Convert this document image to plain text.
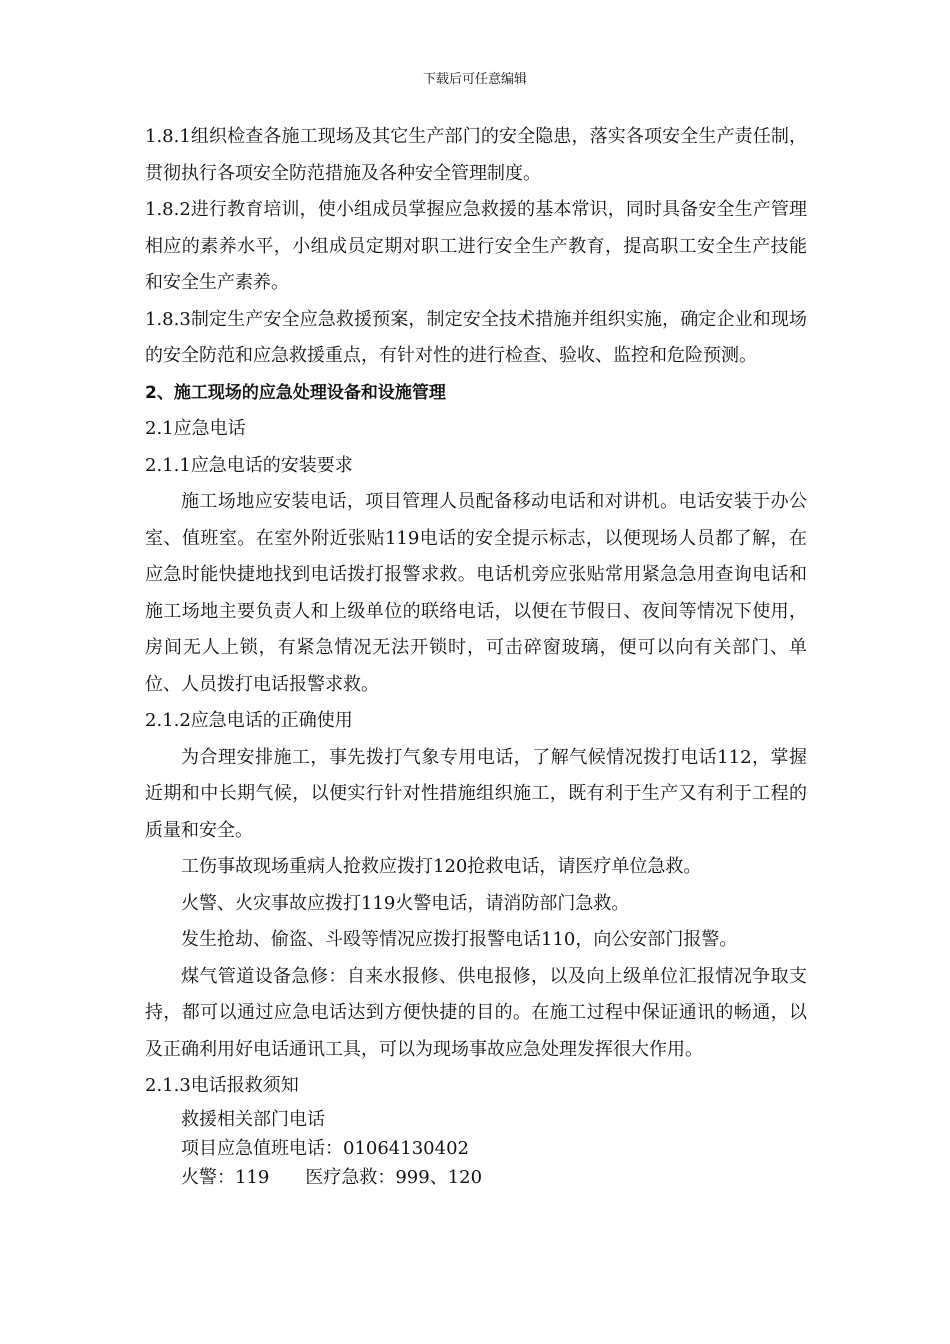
下载后可任意编辑

1.8.1组织检查各施工现场及其它生产部门的安全隐患，落实各项安全生产责任制，贯彻执行各项安全防范措施及各种安全管理制度。

1.8.2进行教育培训，使小组成员掌握应急救援的基本常识，同时具备安全生产管理相应的素养水平，小组成员定期对职工进行安全生产教育，提高职工安全生产技能和安全生产素养。

1.8.3制定生产安全应急救援预案，制定安全技术措施并组织实施，确定企业和现场的安全防范和应急救援重点，有针对性的进行检查、验收、监控和危险预测。

2、施工现场的应急处理设备和设施管理

2.1应急电话

2.1.1应急电话的安装要求

施工场地应安装电话，项目管理人员配备移动电话和对讲机。电话安装于办公室、值班室。在室外附近张贴119电话的安全提示标志，以便现场人员都了解，在应急时能快捷地找到电话拨打报警求救。电话机旁应张贴常用紧急急用查询电话和施工场地主要负责人和上级单位的联络电话，以便在节假日、夜间等情况下使用，房间无人上锁，有紧急情况无法开锁时，可击碎窗玻璃，便可以向有关部门、单位、人员拨打电话报警求救。

2.1.2应急电话的正确使用

为合理安排施工，事先拨打气象专用电话，了解气候情况拨打电话112，掌握近期和中长期气候，以便实行针对性措施组织施工，既有利于生产又有利于工程的质量和安全。

工伤事故现场重病人抢救应拨打120抢救电话，请医疗单位急救。

火警、火灾事故应拨打119火警电话，请消防部门急救。

发生抢劫、偷盗、斗殴等情况应拨打报警电话110，向公安部门报警。

煤气管道设备急修：自来水报修、供电报修，以及向上级单位汇报情况争取支持，都可以通过应急电话达到方便快捷的目的。在施工过程中保证通讯的畅通，以及正确利用好电话通讯工具，可以为现场事故应急处理发挥很大作用。

2.1.3电话报救须知

救援相关部门电话

项目应急值班电话：01064130402

火警：119 医疗急救：999、120
